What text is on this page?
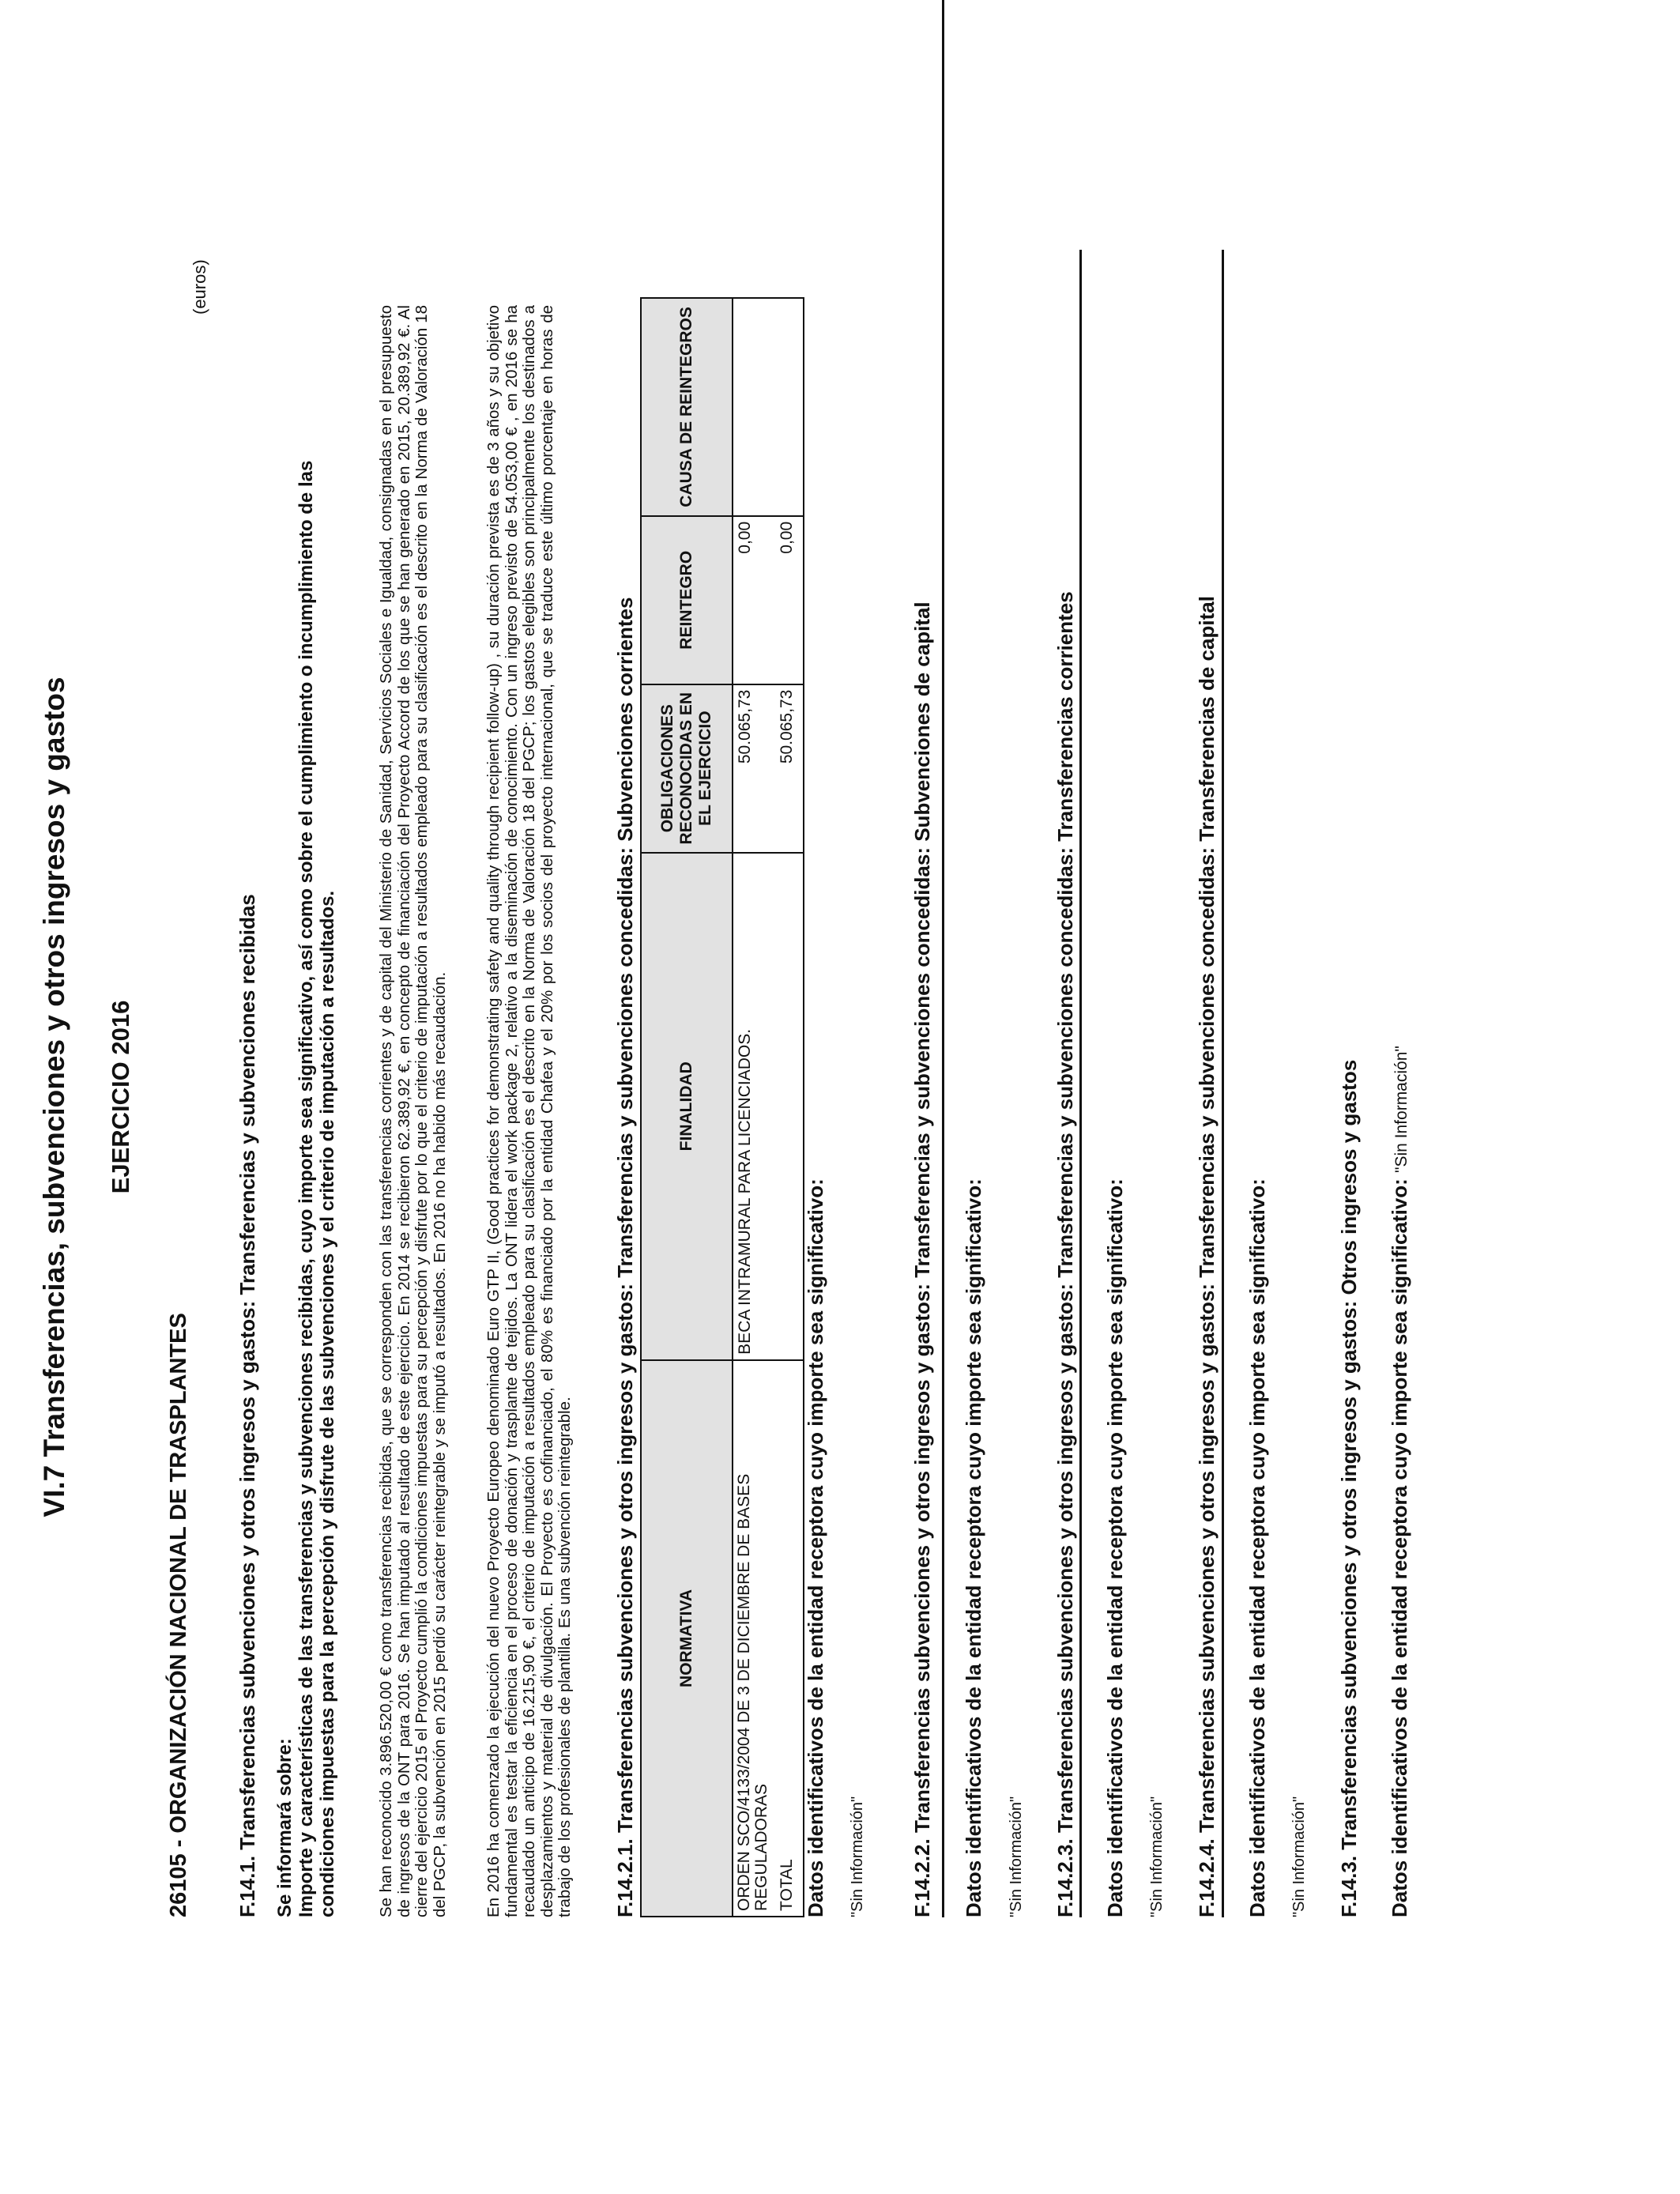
VI.7 Transferencias, subvenciones y otros ingresos y gastos EJERCICIO 2016
26105 - ORGANIZACIÓN NACIONAL DE TRASPLANTES
(euros)
F.14.1. Transferencias subvenciones y otros ingresos y gastos: Transferencias y subvenciones recibidas Se informará sobre: Importe y características de las transferencias y subvenciones recibidas, cuyo importe sea significativo, así como sobre el cumplimiento o incumplimiento de las condiciones impuestas para la percepción y disfrute de las subvenciones y el criterio de imputación a resultados. Se han reconocido 3.896.520,00 € como transferencias recibidas, que se corresponden con las transferencias corrientes y de capital del Ministerio de Sanidad, Servicios Sociales e Igualdad, consignadas en el presupuesto de ingresos de la ONT para 2016. Se han imputado al resultado de este ejercicio. En 2014 se recibieron 62.389,92 €, en concepto de financiación del Proyecto Accord de los que se han generado en 2015, 20.389,92 €. Al cierre del ejercicio 2015 el Proyecto cumplió la condiciones impuestas para su percepción y disfrute por lo que el criterio de imputación a resultados empleado para su clasificación es el descrito en la Norma de Valoración 18 del PGCP, la subvención en 2015 perdió su carácter reintegrable y se imputó a resultados. En 2016 no ha habido más recaudación. En 2016 ha comenzado la ejecución del nuevo Proyecto Europeo denominado Euro GTP II, (Good practices for demonstrating safety and quality through recipient follow-up) , su duración prevista es de 3 años y su objetivo fundamental es testar la eficiencia en el proceso de donación y trasplante de tejidos. La ONT lidera el work package 2, relativo a la diseminación de conocimiento. Con un ingreso previsto de 54.053,00 € , en 2016 se ha recaudado un anticipo de 16.215,90 €, el criterio de imputación a resultados empleado para su clasificación es el descrito en la Norma de Valoración 18 del PGCP; los gastos elegibles son principalmente los destinados a desplazamientos y material de divulgación. El Proyecto es cofinanciado, el 80% es financiado por la entidad Chafea y el 20% por los socios del proyecto internacional, que se traduce este último porcentaje en horas de trabajo de los profesionales de plantilla. Es una subvención reintegrable. F.14.2.1. Transferencias subvenciones y otros ingresos y gastos: Transferencias y subvenciones concedidas: Subvenciones corrientes NORMATIVA	FINALIDAD	OBLIGACIONES RECONOCIDAS EN EL EJERCICIO	REINTEGRO	CAUSA DE REINTEGROS
ORDEN SCO/4133/2004 DE 3 DE DICIEMBRE DE BASES REGULADORAS	BECA INTRAMURAL PARA LICENCIADOS.	50.065,73	0,00	
TOTAL		50.065,73	0,00	
Datos identificativos de la entidad receptora cuyo importe sea significativo: "Sin Información" F.14.2.2. Transferencias subvenciones y otros ingresos y gastos: Transferencias y subvenciones concedidas: Subvenciones de capital Datos identificativos de la entidad receptora cuyo importe sea significativo: "Sin Información" F.14.2.3. Transferencias subvenciones y otros ingresos y gastos: Transferencias y subvenciones concedidas: Transferencias corrientes Datos identificativos de la entidad receptora cuyo importe sea significativo: "Sin Información" F.14.2.4. Transferencias subvenciones y otros ingresos y gastos: Transferencias y subvenciones concedidas: Transferencias de capital Datos identificativos de la entidad receptora cuyo importe sea significativo: "Sin Información" F.14.3. Transferencias subvenciones y otros ingresos y gastos: Otros ingresos y gastos Datos identificativos de la entidad receptora cuyo importe sea significativo: "Sin Información"
